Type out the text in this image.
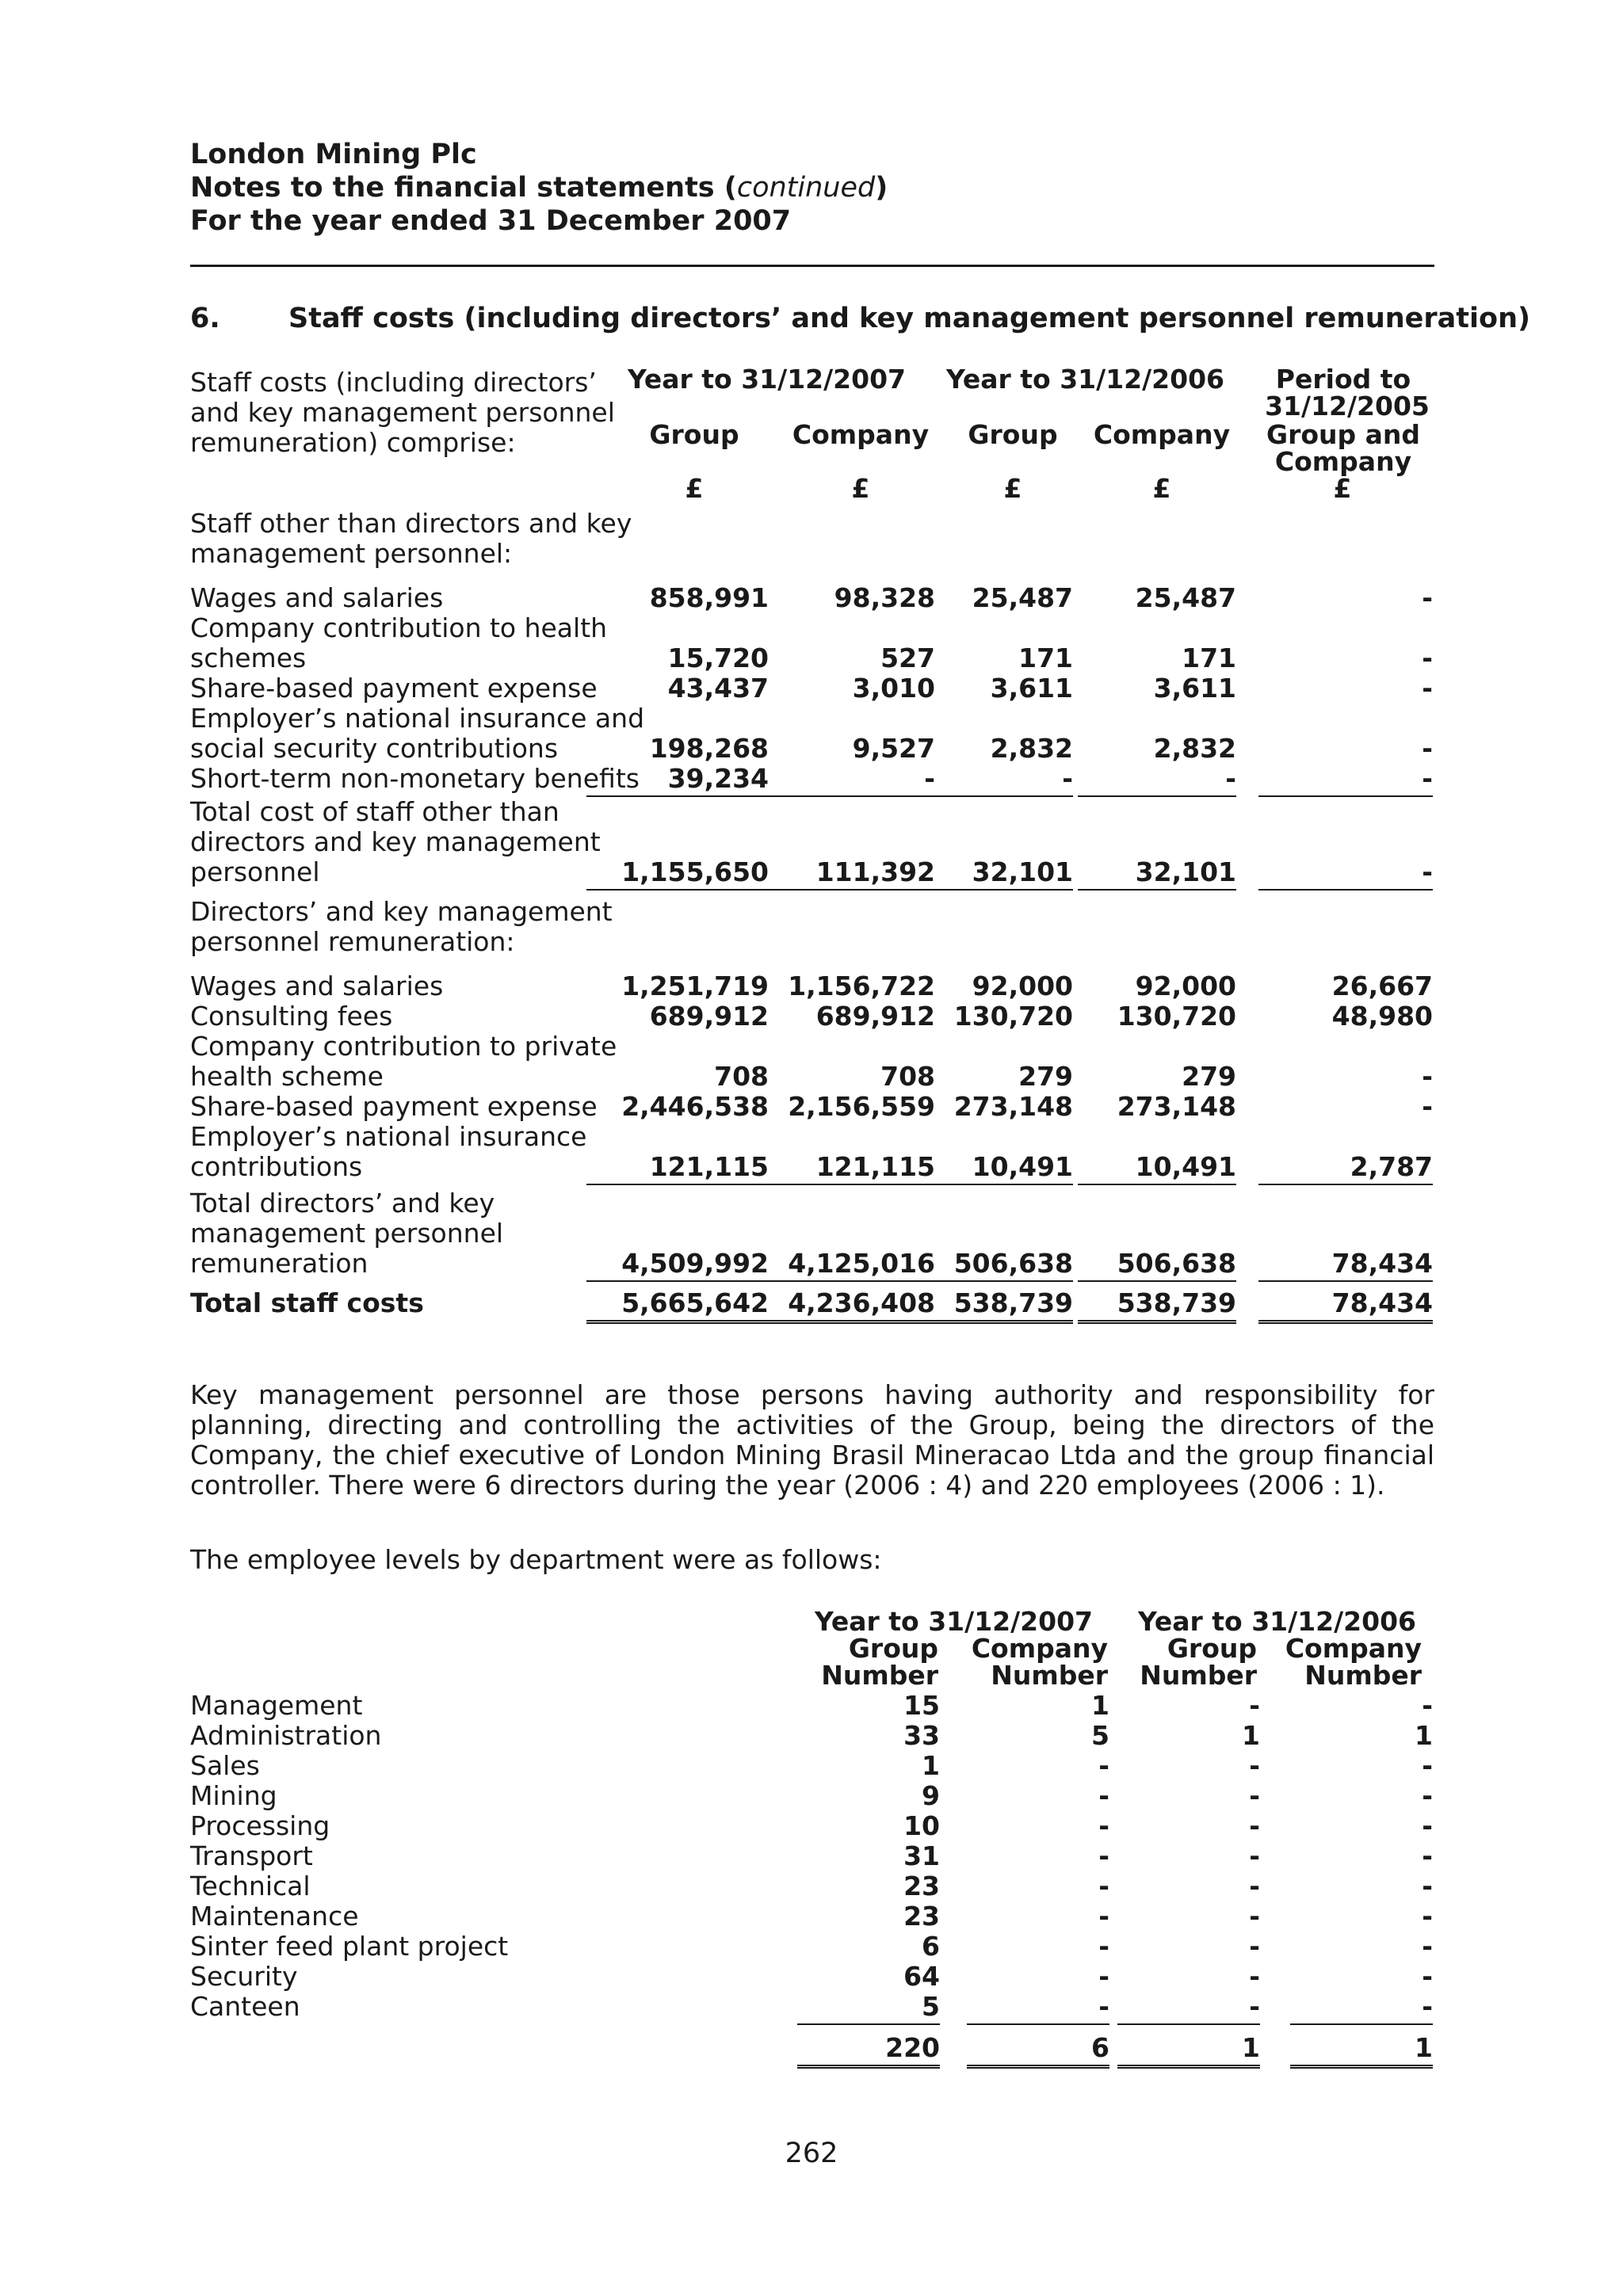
London Mining Plc
Notes to the financial statements (continued)
For the year ended 31 December 2007
6. Staff costs (including directors’ and key management personnel remuneration)
Staff costs (including directors’
and key management personnel
remuneration) comprise:
Year to 31/12/2007 Year to 31/12/2006	Period to
31/12/2005
Group	Company	Group	Company	Group and
Company
£	£	£	£	£
Staff other than directors and key
management personnel:
Wages and salaries	858,991	98,328	25,487	25,487	-
Company contribution to health
schemes	15,720	527	171	171	-
Share-based payment expense	43,437	3,010	3,611	3,611	-
Employer’s national insurance and
social security contributions	198,268	9,527	2,832	2,832	-
Short-term non-monetary benefits	39,234	-	-	-	-
Total cost of staff other than
directors and key management
personnel	1,155,650	111,392	32,101	32,101	-
Directors’ and key management
personnel remuneration:
Wages and salaries	1,251,719 1,156,722	92,000	92,000	26,667
Consulting fees	689,912	689,912 130,720	130,720	48,980
Company contribution to private
health scheme	708	708	279	279	-
Share-based payment expense 2,446,538 2,156,559 273,148	273,148	-
Employer’s national insurance
contributions	121,115	121,115	10,491	10,491	2,787
Total directors’ and key
management personnel
remuneration	4,509,992 4,125,016 506,638	506,638	78,434
Total staff costs	5,665,642 4,236,408 538,739	538,739	78,434
Key management personnel are those persons having authority and responsibility for planning, directing and controlling the activities of the Group, being the directors of the Company, the chief executive of London Mining Brasil Mineracao Ltda and the group financial controller. There were 6 directors during the year (2006 : 4) and 220 employees (2006 : 1).
The employee levels by department were as follows:
Year to 31/12/2007 Year to 31/12/2006
Group
Number
Company
Number
Group
Number
Company
Number
Management	15	1	-	-
Administration	33	5	1	1
Sales	1	-	-	-
Mining	9	-	-	-
Processing	10	-	-	-
Transport	31	-	-	-
Technical	23	-	-	-
Maintenance	23	-	-	-
Sinter feed plant project	6	-	-	-
Security	64	-	-	-
Canteen	5	-	-	-
220	6	1	1
262
